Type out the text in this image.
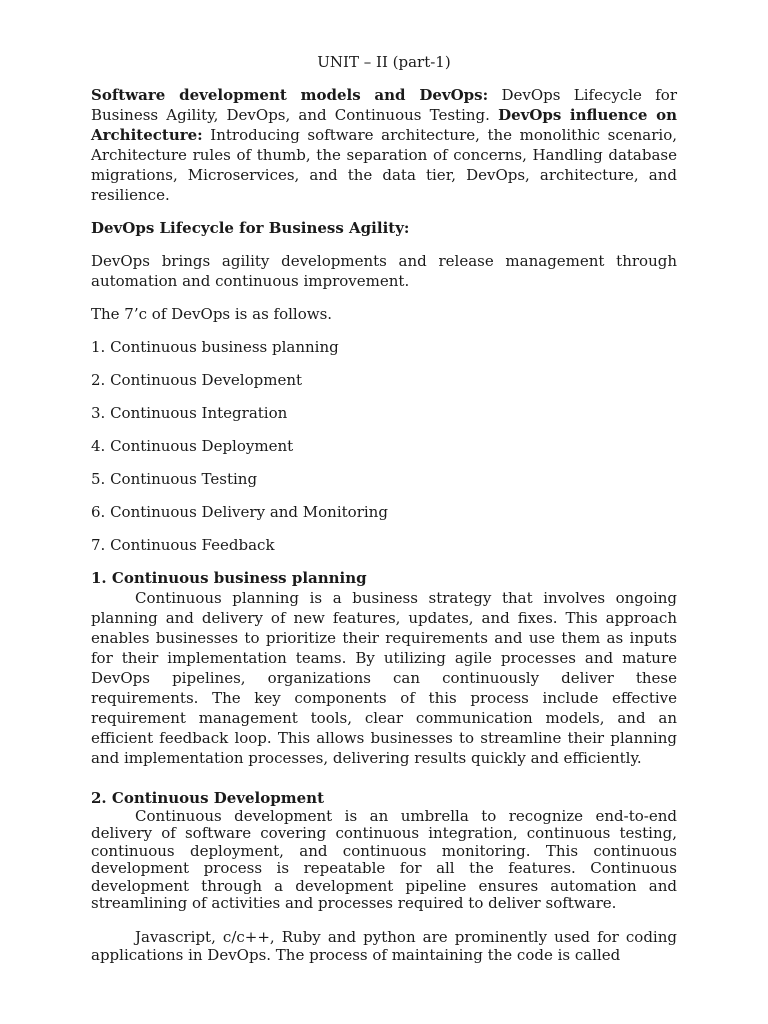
UNIT – II (part-1)

Software development models and DevOps: DevOps Lifecycle for Business Agility, DevOps, and Continuous Testing. DevOps influence on Architecture: Introducing software architecture, the monolithic scenario, Architecture rules of thumb, the separation of concerns, Handling database migrations, Microservices, and the data tier, DevOps, architecture, and resilience.

DevOps Lifecycle for Business Agility:

DevOps brings agility developments and release management through automation and continuous improvement.

The 7’c of DevOps is as follows.

1. Continuous business planning

2. Continuous Development

3. Continuous Integration

4. Continuous Deployment

5. Continuous Testing

6. Continuous Delivery and Monitoring

7. Continuous Feedback

1. Continuous business planning

Continuous planning is a business strategy that involves ongoing planning and delivery of new features, updates, and fixes. This approach enables businesses to prioritize their requirements and use them as inputs for their implementation teams. By utilizing agile processes and mature DevOps pipelines, organizations can continuously deliver these requirements. The key components of this process include effective requirement management tools, clear communication models, and an efficient feedback loop. This allows businesses to streamline their planning and implementation processes, delivering results quickly and efficiently.

2. Continuous Development

Continuous development is an umbrella to recognize end-to-end delivery of software covering continuous integration, continuous testing, continuous deployment, and continuous monitoring. This continuous development process is repeatable for all the features. Continuous development through a development pipeline ensures automation and streamlining of activities and processes required to deliver software.

Javascript, c/c++, Ruby and python are prominently used for coding applications in DevOps. The process of maintaining the code is called
